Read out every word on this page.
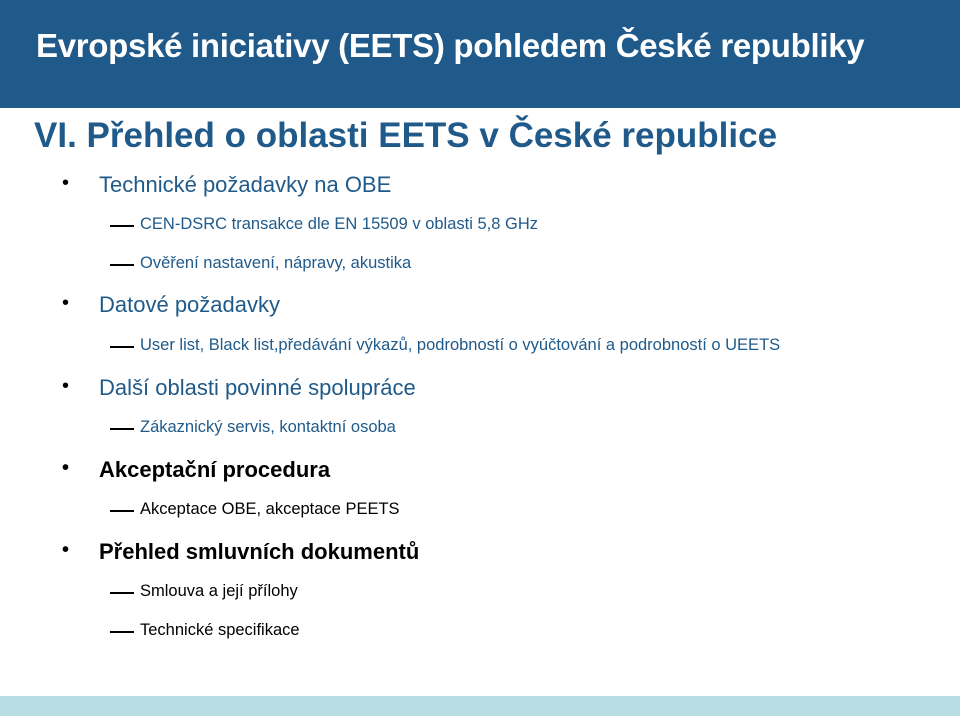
Evropské iniciativy (EETS) pohledem České republiky
VI. Přehled o oblasti EETS v České republice
•	Technické požadavky na OBE
CEN-DSRC transakce dle EN 15509 v oblasti 5,8 GHz
Ověření nastavení, nápravy, akustika
•	Datové požadavky
User list, Black list,předávání výkazů, podrobností o vyúčtování a podrobností o UEETS
•	Další oblasti povinné spolupráce
Zákaznický servis, kontaktní osoba
•	Akceptační procedura
Akceptace OBE, akceptace PEETS
•	Přehled smluvních dokumentů
Smlouva a její přílohy
Technické specifikace
